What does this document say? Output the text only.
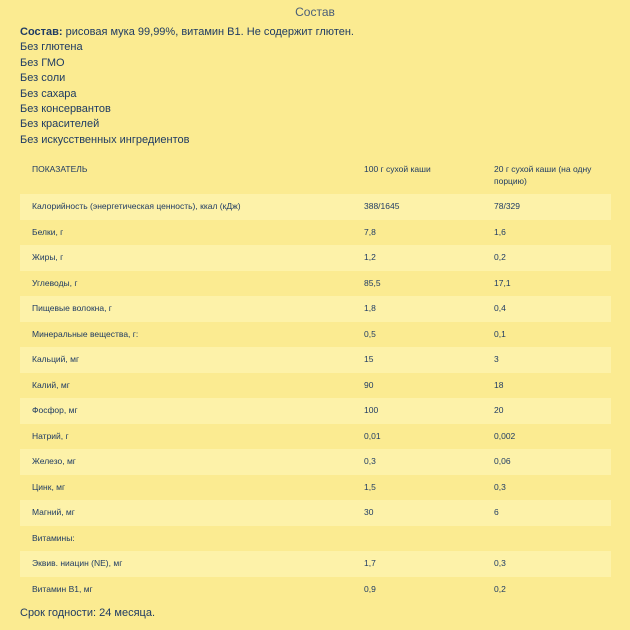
Состав

Состав: рисовая мука 99,99%, витамин В1. Не содержит глютен.

Без глютена

Без ГМО

Без соли

Без сахара

Без консервантов

Без красителей

Без искусственных ингредиентов

ПОКАЗАТЕЛЬ	100 г сухой каши	20 г сухой каши (на одну порцию)
Калорийность (энергетическая ценность), ккал (кДж)	388/1645	78/329
Белки, г	7,8	1,6
Жиры, г	1,2	0,2
Углеводы, г	85,5	17,1
Пищевые волокна, г	1,8	0,4
Минеральные вещества, г:	0,5	0,1
Кальций, мг	15	3
Калий, мг	90	18
Фосфор, мг	100	20
Натрий, г	0,01	0,002
Железо, мг	0,3	0,06
Цинк, мг	1,5	0,3
Магний, мг	30	6
Витамины:
Эквив. ниацин (NE), мг	1,7	0,3
Витамин В1, мг	0,9	0,2
Срок годности: 24 месяца.
